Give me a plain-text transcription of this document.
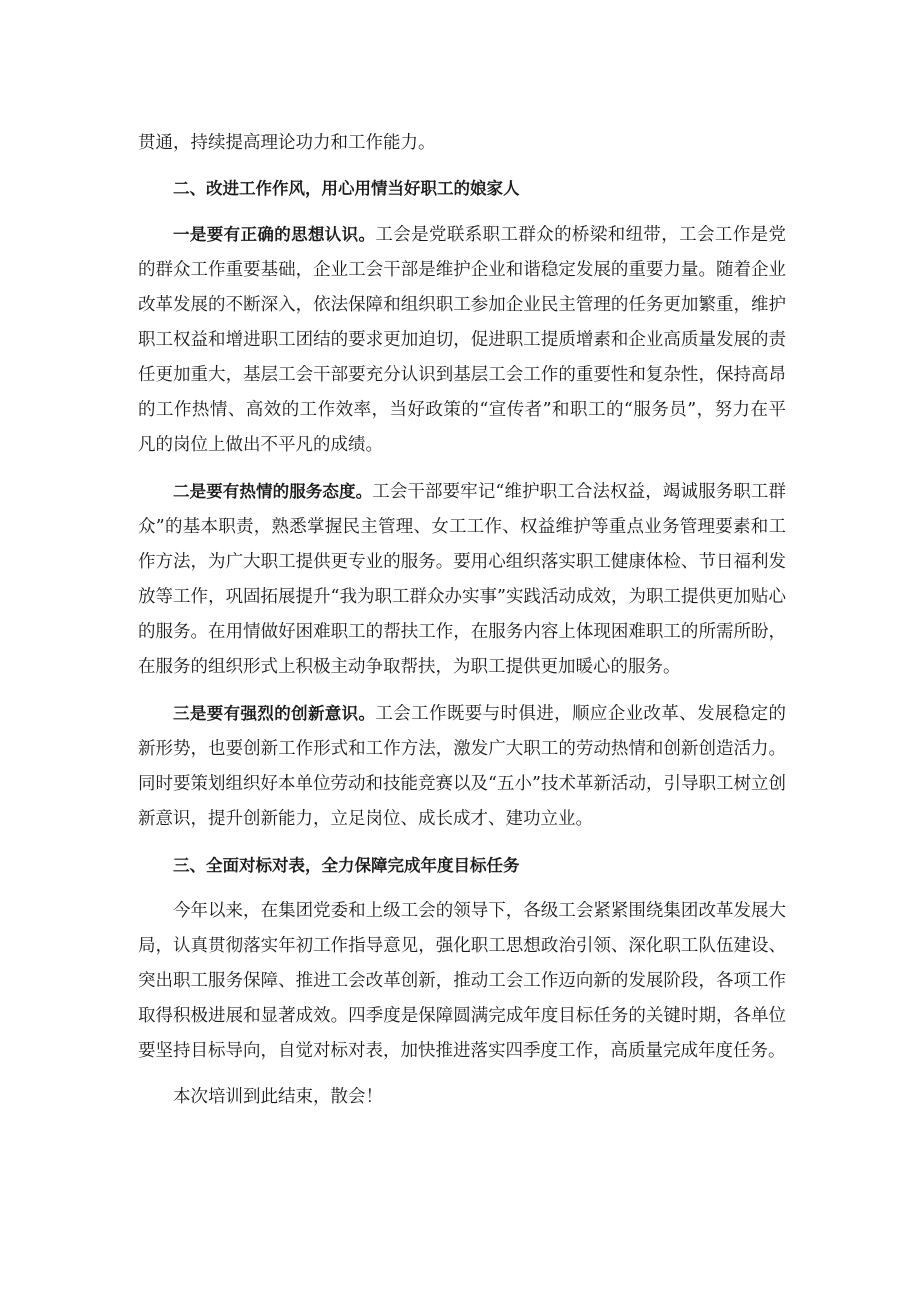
贯通，持续提高理论功力和工作能力。

二、改进工作作风，用心用情当好职工的娘家人

一是要有正确的思想认识。工会是党联系职工群众的桥梁和纽带，工会工作是党的群众工作重要基础，企业工会干部是维护企业和谐稳定发展的重要力量。随着企业改革发展的不断深入，依法保障和组织职工参加企业民主管理的任务更加繁重，维护职工权益和增进职工团结的要求更加迫切，促进职工提质增素和企业高质量发展的责任更加重大，基层工会干部要充分认识到基层工会工作的重要性和复杂性，保持高昂的工作热情、高效的工作效率，当好政策的“宣传者”和职工的“服务员”，努力在平凡的岗位上做出不平凡的成绩。

二是要有热情的服务态度。工会干部要牢记“维护职工合法权益，竭诚服务职工群众”的基本职责，熟悉掌握民主管理、女工工作、权益维护等重点业务管理要素和工作方法，为广大职工提供更专业的服务。要用心组织落实职工健康体检、节日福利发放等工作，巩固拓展提升“我为职工群众办实事”实践活动成效，为职工提供更加贴心的服务。在用情做好困难职工的帮扶工作，在服务内容上体现困难职工的所需所盼，在服务的组织形式上积极主动争取帮扶，为职工提供更加暖心的服务。

三是要有强烈的创新意识。工会工作既要与时俱进，顺应企业改革、发展稳定的新形势，也要创新工作形式和工作方法，激发广大职工的劳动热情和创新创造活力。同时要策划组织好本单位劳动和技能竞赛以及“五小”技术革新活动，引导职工树立创新意识，提升创新能力，立足岗位、成长成才、建功立业。

三、全面对标对表，全力保障完成年度目标任务

今年以来，在集团党委和上级工会的领导下，各级工会紧紧围绕集团改革发展大局，认真贯彻落实年初工作指导意见，强化职工思想政治引领、深化职工队伍建设、突出职工服务保障、推进工会改革创新，推动工会工作迈向新的发展阶段，各项工作取得积极进展和显著成效。四季度是保障圆满完成年度目标任务的关键时期，各单位要坚持目标导向，自觉对标对表，加快推进落实四季度工作，高质量完成年度任务。

本次培训到此结束，散会！
